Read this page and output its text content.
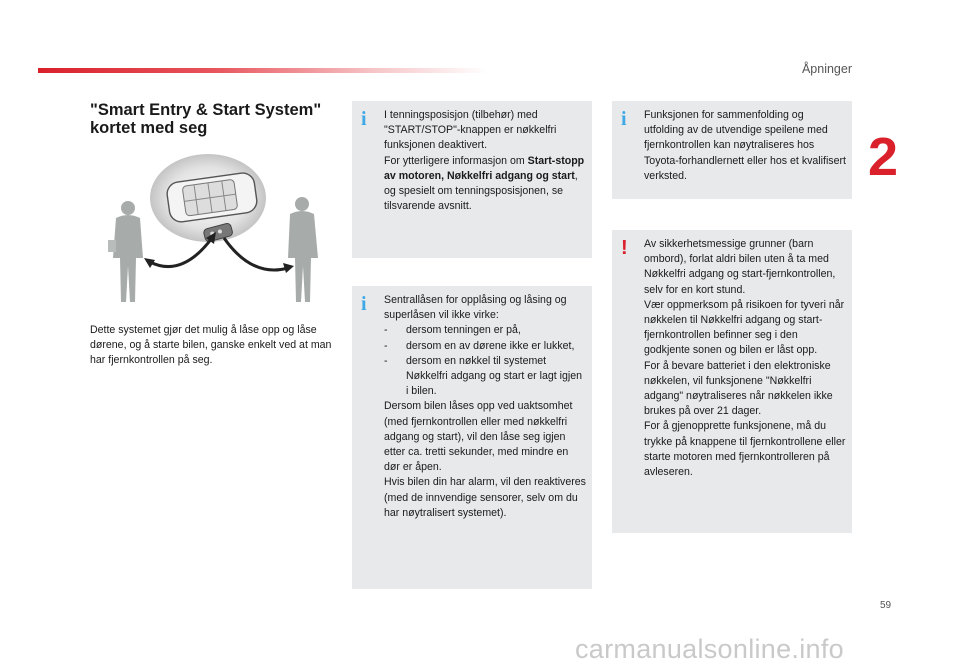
Åpninger
2
"Smart Entry & Start System" kortet med seg
Dette systemet gjør det mulig å låse opp og låse dørene, og å starte bilen, ganske enkelt ved at man har fjernkontrollen på seg.
i I tenningsposisjon (tilbehør) med "START/STOP"-knappen er nøkkelfri funksjonen deaktivert.
For ytterligere informasjon om Start-stopp av motoren, Nøkkelfri adgang og start, og spesielt om tenningsposisjonen, se tilsvarende avsnitt.
i Sentrallåsen for opplåsing og låsing og superlåsen vil ikke virke:
-	dersom tenningen er på,
-	dersom en av dørene ikke er lukket,
-	dersom en nøkkel til systemet Nøkkelfri adgang og start er lagt igjen i bilen.
Dersom bilen låses opp ved uaktsomhet (med fjernkontrollen eller med nøkkelfri adgang og start), vil den låse seg igjen etter ca. tretti sekunder, med mindre en dør er åpen.
Hvis bilen din har alarm, vil den reaktiveres (med de innvendige sensorer, selv om du har nøytralisert systemet).
i Funksjonen for sammenfolding og utfolding av de utvendige speilene med fjernkontrollen kan nøytraliseres hos Toyota-forhandlernett eller hos et kvalifisert verksted.
! Av sikkerhetsmessige grunner (barn ombord), forlat aldri bilen uten å ta med Nøkkelfri adgang og start-fjernkontrollen, selv for en kort stund.
Vær oppmerksom på risikoen for tyveri når nøkkelen til Nøkkelfri adgang og start-fjernkontrollen befinner seg i den godkjente sonen og bilen er låst opp.
For å bevare batteriet i den elektroniske nøkkelen, vil funksjonene "Nøkkelfri adgang" nøytraliseres når nøkkelen ikke brukes på over 21 dager.
For å gjenopprette funksjonene, må du trykke på knappene til fjernkontrollene eller starte motoren med fjernkontrolleren på avleseren.
59
carmanualsonline.info
